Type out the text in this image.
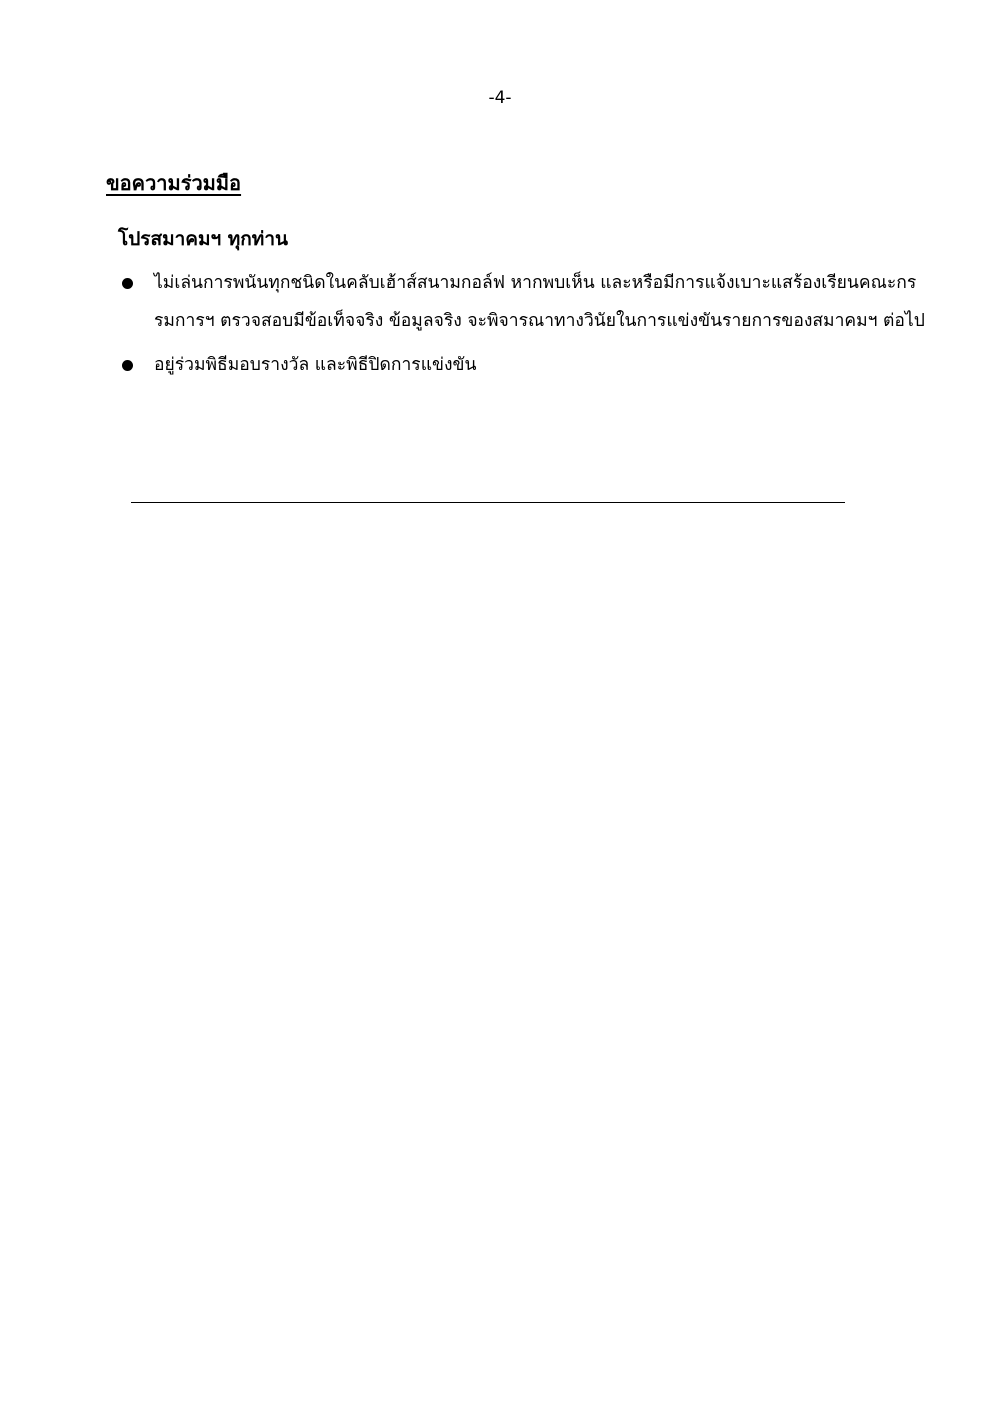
-4-
ขอความร่วมมือ
โปรสมาคมฯ ทุกท่าน
ไม่เล่นการพนันทุกชนิดในคลับเฮ้าส์สนามกอล์ฟ หากพบเห็น และหรือมีการแจ้งเบาะแสร้องเรียนคณะกรรมการฯ ตรวจสอบมีข้อเท็จจริง ข้อมูลจริง จะพิจารณาทางวินัยในการแข่งขันรายการของสมาคมฯ ต่อไป
อยู่ร่วมพิธีมอบรางวัล และพิธีปิดการแข่งขัน
